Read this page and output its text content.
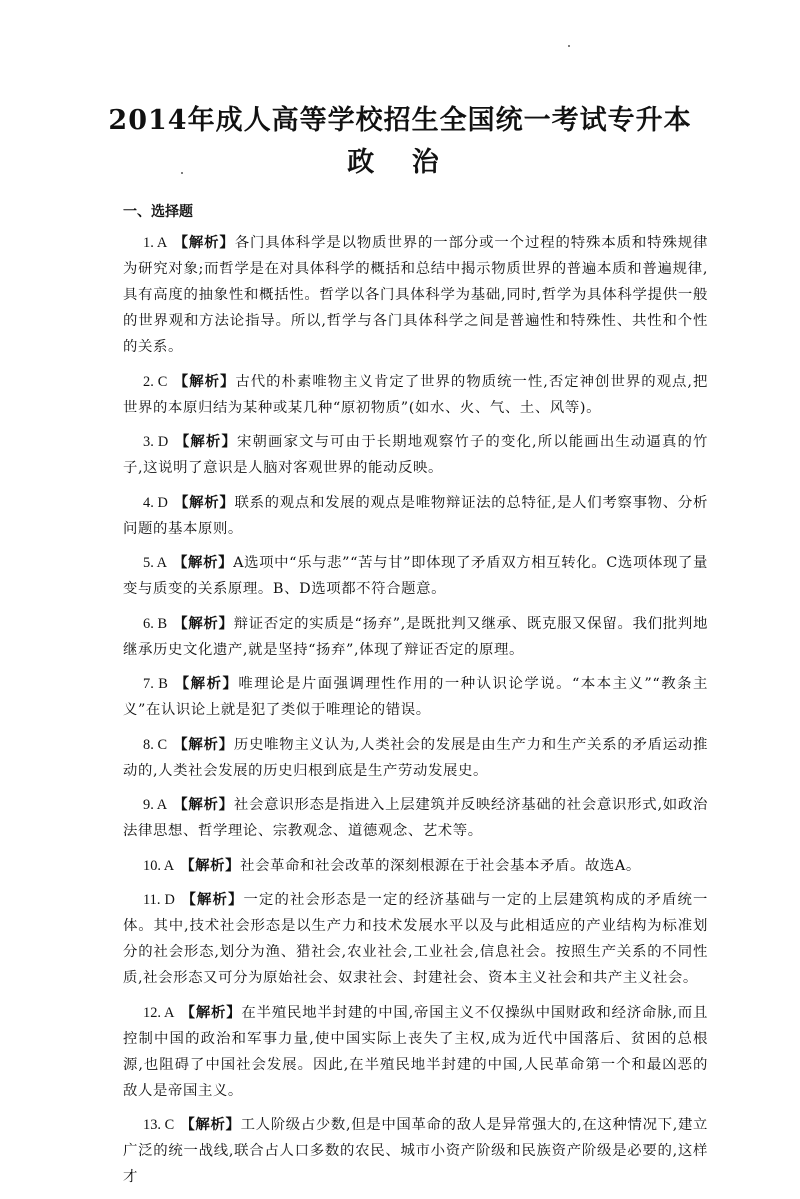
2014年成人高等学校招生全国统一考试专升本
政 治
一、选择题

1. A 【解析】各门具体科学是以物质世界的一部分或一个过程的特殊本质和特殊规律为研究对象;而哲学是在对具体科学的概括和总结中揭示物质世界的普遍本质和普遍规律,具有高度的抽象性和概括性。哲学以各门具体科学为基础,同时,哲学为具体科学提供一般的世界观和方法论指导。所以,哲学与各门具体科学之间是普遍性和特殊性、共性和个性的关系。

2. C 【解析】古代的朴素唯物主义肯定了世界的物质统一性,否定神创世界的观点,把世界的本原归结为某种或某几种“原初物质”(如水、火、气、土、风等)。

3. D 【解析】宋朝画家文与可由于长期地观察竹子的变化,所以能画出生动逼真的竹子,这说明了意识是人脑对客观世界的能动反映。

4. D 【解析】联系的观点和发展的观点是唯物辩证法的总特征,是人们考察事物、分析问题的基本原则。

5. A 【解析】A选项中“乐与悲”“苦与甘”即体现了矛盾双方相互转化。C选项体现了量变与质变的关系原理。B、D选项都不符合题意。

6. B 【解析】辩证否定的实质是“扬弃”,是既批判又继承、既克服又保留。我们批判地继承历史文化遗产,就是坚持“扬弃”,体现了辩证否定的原理。

7. B 【解析】唯理论是片面强调理性作用的一种认识论学说。“本本主义”“教条主义”在认识论上就是犯了类似于唯理论的错误。

8. C 【解析】历史唯物主义认为,人类社会的发展是由生产力和生产关系的矛盾运动推动的,人类社会发展的历史归根到底是生产劳动发展史。

9. A 【解析】社会意识形态是指进入上层建筑并反映经济基础的社会意识形式,如政治法律思想、哲学理论、宗教观念、道德观念、艺术等。

10. A 【解析】社会革命和社会改革的深刻根源在于社会基本矛盾。故选A。

11. D 【解析】一定的社会形态是一定的经济基础与一定的上层建筑构成的矛盾统一体。其中,技术社会形态是以生产力和技术发展水平以及与此相适应的产业结构为标准划分的社会形态,划分为渔、猎社会,农业社会,工业社会,信息社会。按照生产关系的不同性质,社会形态又可分为原始社会、奴隶社会、封建社会、资本主义社会和共产主义社会。

12. A 【解析】在半殖民地半封建的中国,帝国主义不仅操纵中国财政和经济命脉,而且控制中国的政治和军事力量,使中国实际上丧失了主权,成为近代中国落后、贫困的总根源,也阻碍了中国社会发展。因此,在半殖民地半封建的中国,人民革命第一个和最凶恶的敌人是帝国主义。

13. C 【解析】工人阶级占少数,但是中国革命的敌人是异常强大的,在这种情况下,建立广泛的统一战线,联合占人口多数的农民、城市小资产阶级和民族资产阶级是必要的,这样才
